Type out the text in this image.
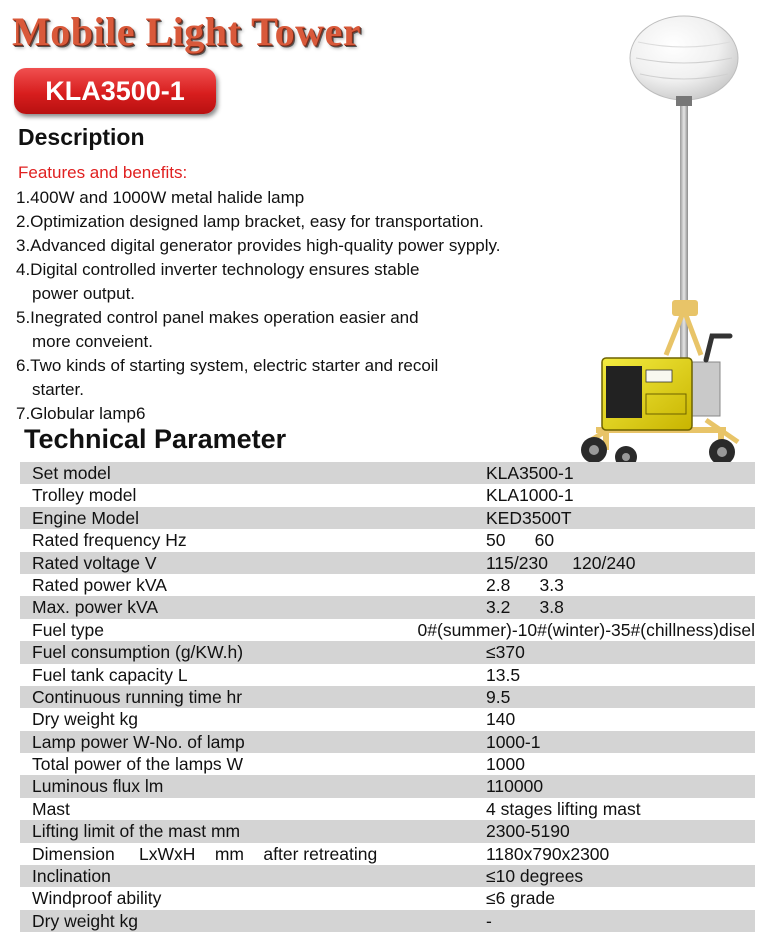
Mobile Light Tower
KLA3500-1
Description
Features and benefits:
1.400W and 1000W metal halide lamp
2.Optimization designed lamp bracket, easy for transportation.
3.Advanced digital generator provides high-quality power sypply.
4.Digital controlled inverter technology ensures stable
power output.
5.Inegrated control panel makes operation easier and
more conveient.
6.Two kinds of starting system, electric starter and recoil
starter.
7.Globular lamp6
Technical Parameter
Set model	KLA3500-1
Trolley model	KLA1000-1
Engine Model	KED3500T
Rated frequency Hz	50      60
Rated voltage V	115/230     120/240
Rated power kVA	2.8      3.3
Max. power kVA	3.2      3.8
Fuel type	0#(summer)-10#(winter)-35#(chillness)disel
Fuel consumption (g/KW.h)	≤370
Fuel tank capacity L	13.5
Continuous running time hr	9.5
Dry weight kg	140
Lamp power W-No. of lamp	1000-1
Total power of the lamps W	1000
Luminous flux lm	110000
Mast	4 stages lifting mast
Lifting limit of the mast mm	2300-5190
Dimension     LxWxH    mm    after retreating	1180x790x2300
Inclination	≤10 degrees
Windproof ability	≤6 grade
Dry weight kg	-
